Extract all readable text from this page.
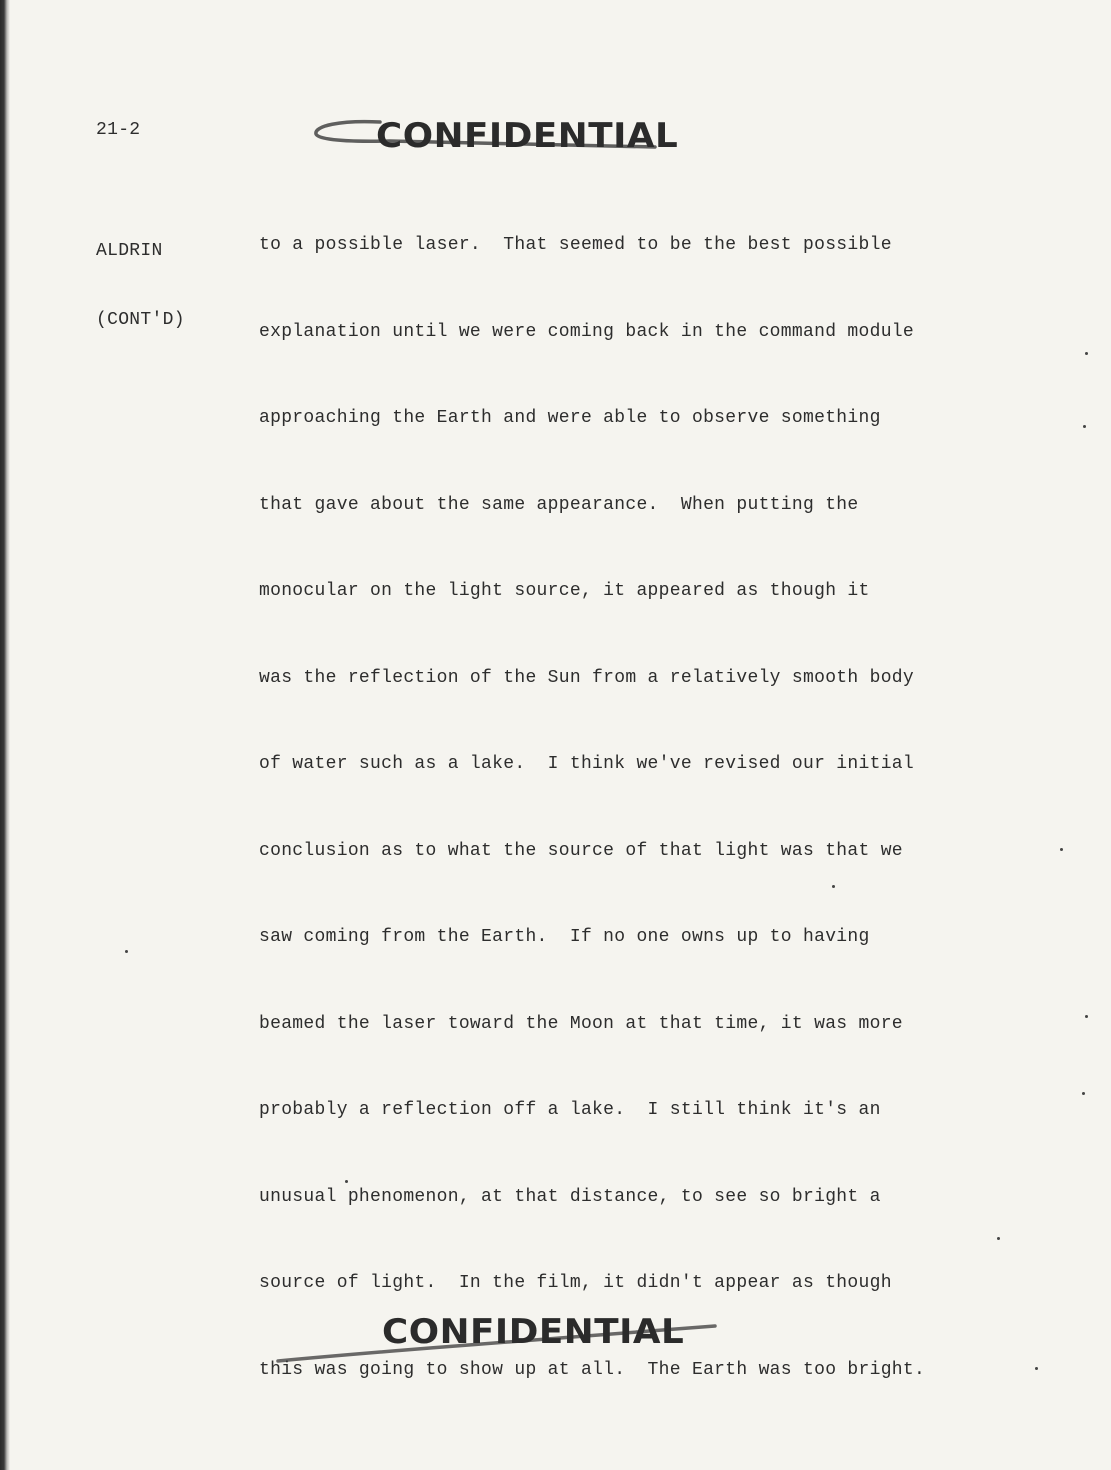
CONFIDENTIAL
21-2

ALDRIN

(CONT'D)

to a possible laser.  That seemed to be the best possible

explanation until we were coming back in the command module

approaching the Earth and were able to observe something

that gave about the same appearance.  When putting the

monocular on the light source, it appeared as though it

was the reflection of the Sun from a relatively smooth body

of water such as a lake.  I think we've revised our initial

conclusion as to what the source of that light was that we

saw coming from the Earth.  If no one owns up to having

beamed the laser toward the Moon at that time, it was more

probably a reflection off a lake.  I still think it's an

unusual phenomenon, at that distance, to see so bright a

source of light.  In the film, it didn't appear as though

this was going to show up at all.  The Earth was too bright.

CONFIDENTIAL
